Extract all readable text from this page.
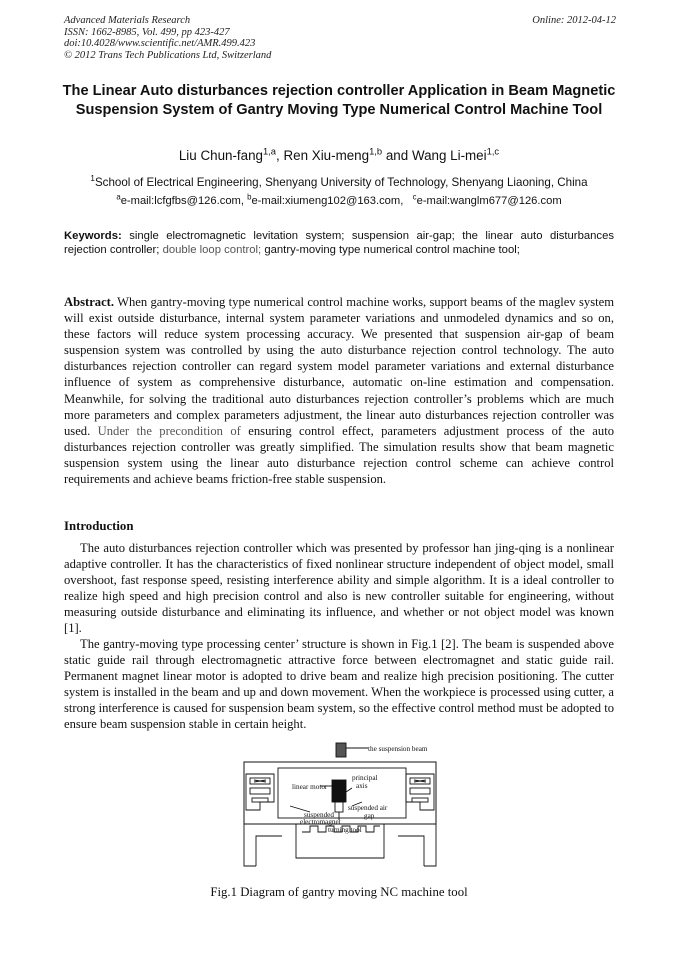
Advanced Materials Research
ISSN: 1662-8985, Vol. 499, pp 423-427
doi:10.4028/www.scientific.net/AMR.499.423
© 2012 Trans Tech Publications Ltd, Switzerland
Online: 2012-04-12
The Linear Auto disturbances rejection controller Application in Beam Magnetic Suspension System of Gantry Moving Type Numerical Control Machine Tool
Liu Chun-fang$^{1,a}$, Ren Xiu-meng$^{1,b}$ and Wang Li-mei$^{1,c}$
$^1$School of Electrical Engineering, Shenyang University of Technology, Shenyang Liaoning, China
$^a$e-mail:lcfgfbs@126.com, $^b$e-mail:xiumeng102@163.com,   $^c$e-mail:wanglm677@126.com
Keywords: single electromagnetic levitation system; suspension air-gap; the linear auto disturbances rejection controller; double loop control; gantry-moving type numerical control machine tool;
Abstract. When gantry-moving type numerical control machine works, support beams of the maglev system will exist outside disturbance, internal system parameter variations and unmodeled dynamics and so on, these factors will reduce system processing accuracy. We presented that suspension air-gap of beam suspension system was controlled by using the auto disturbance rejection control technology. The auto disturbances rejection controller can regard system model parameter variations and external disturbance influence of system as comprehensive disturbance, automatic on-line estimation and compensation. Meanwhile, for solving the traditional auto disturbances rejection controller’s problems which are much more parameters and complex parameters adjustment, the linear auto disturbances rejection controller was used. Under the precondition of ensuring control effect, parameters adjustment process of the auto disturbances rejection controller was greatly simplified. The simulation results show that beam magnetic suspension system using the linear auto disturbance rejection control scheme can achieve control requirements and achieve beams friction-free stable suspension.
Introduction
The auto disturbances rejection controller which was presented by professor han jing-qing is a nonlinear adaptive controller. It has the characteristics of fixed nonlinear structure independent of object model, small overshoot, fast response speed, resisting interference ability and simple algorithm. It is a ideal controller to realize high speed and high precision control and also is new controller suitable for engineering, without measuring outside disturbance and eliminating its influence, and whether or not object model was known [1].
The gantry-moving type processing center’ structure is shown in Fig.1 [2]. The beam is suspended above static guide rail through electromagnetic attractive force between electromagnet and static guide rail. Permanent magnet linear motor is adopted to drive beam and realize high precision positioning. The cutter system is installed in the beam and up and down movement. When the workpiece is processed using cutter, a strong interference is caused for suspension beam system, so the effective control method must be adopted to ensure beam suspension stable in certain height.
the suspension beam
linear motor
principal
axis
suspended air
gap
suspended
electromagnet
turning tool
Fig.1 Diagram of gantry moving NC machine tool
